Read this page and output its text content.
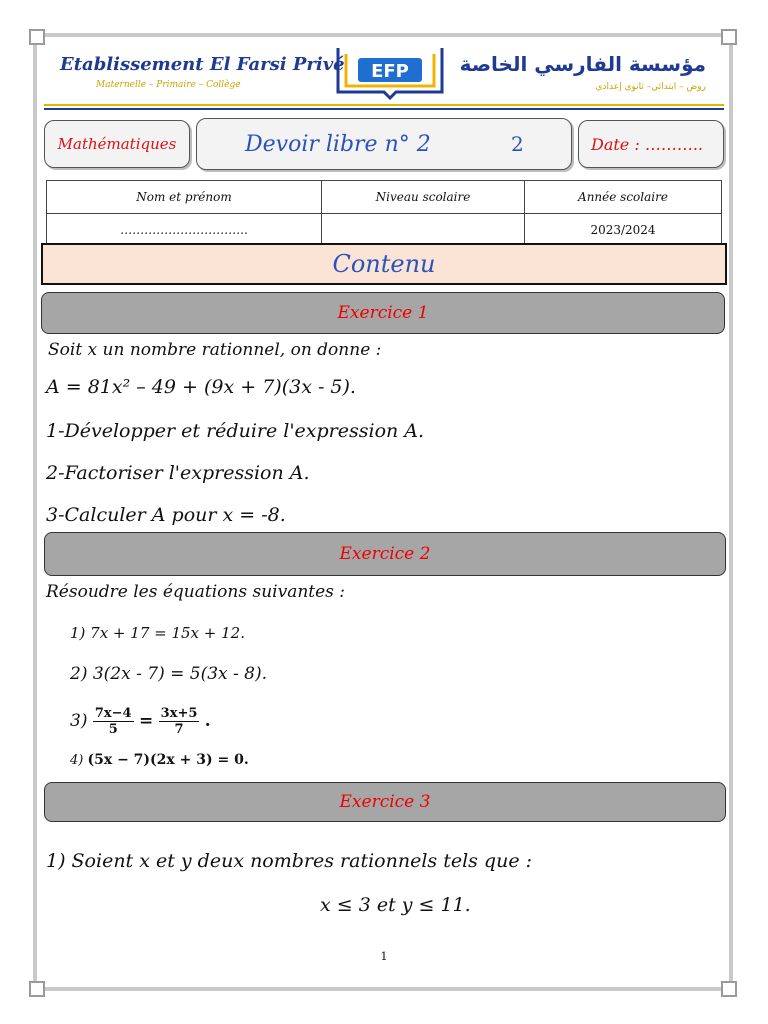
Etablissement El Farsi Privé
Maternelle – Primaire – Collège
EFP	مؤسسة الفارسي الخاصة
روض – ابتدائي– ثانوي إعدادي
Mathématiques	Devoir libre n° 2	2	Date : ………..
Nom et prénom	Niveau scolaire	Année scolaire
…………………………..		2023/2024
Contenu
Exercice 1
Soit x un nombre rationnel, on donne :
A = 81x² – 49 + (9x + 7)(3x - 5).
1-Développer et réduire l'expression A.
2-Factoriser l'expression A.
3-Calculer A pour x = -8.
Exercice 2
Résoudre les équations suivantes :
1) 7x + 17 = 15x + 12.
2) 3(2x - 7) = 5(3x - 8).
$3) \frac{7x-4}{5} = \frac{3x+5}{7}$ .
4) (5x − 7)(2x + 3) = 0.
Exercice 3
1) Soient x et y deux nombres rationnels tels que :
x ≤ 3 et y ≤ 11.
1
